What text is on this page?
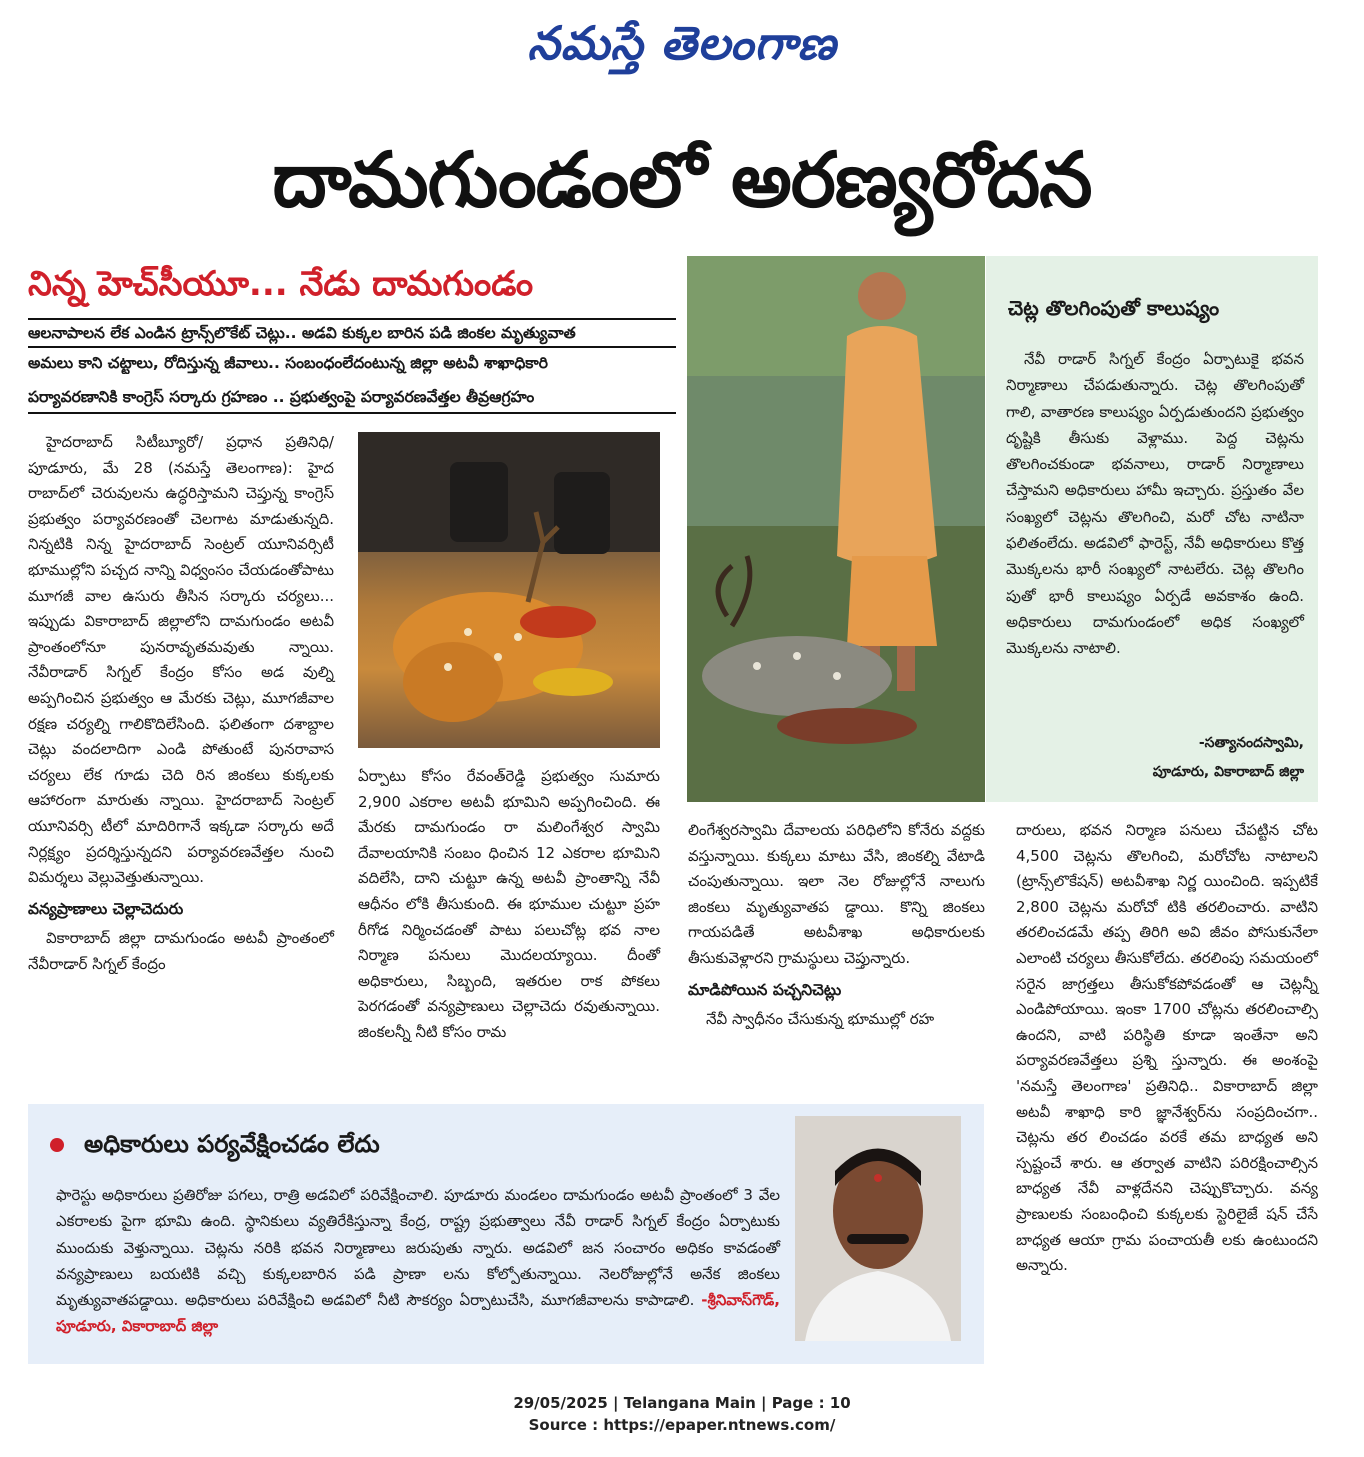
నమస్తే తెలంగాణ
దామగుండంలో అరణ్యరోదన
నిన్న హెచ్‌సీయూ... నేడు దామగుండం
ఆలనాపాలన లేక ఎండిన ట్రాన్స్‌లొకేట్ చెట్లు.. అడవి కుక్కల బారిన పడి జింకల మృత్యువాత
అమలు కాని చట్టాలు, రోదిస్తున్న జీవాలు.. సంబంధంలేదంటున్న జిల్లా అటవీ శాఖాధికారి
పర్యావరణానికి కాంగ్రెస్ సర్కారు గ్రహణం .. ప్రభుత్వంపై పర్యావరణవేత్తల తీవ్రఆగ్రహం

హైదరాబాద్ సిటీబ్యూరో/ ప్రధాన ప్రతినిధి/ పూడూరు, మే 28 (నమస్తే తెలంగాణ): హైద రాబాద్‌లో చెరువులను ఉద్ధరిస్తామని చెప్తున్న కాంగ్రెస్ ప్రభుత్వం పర్యావరణంతో చెలగాట మాడుతున్నది. నిన్నటికి నిన్న హైదరాబాద్ సెంట్రల్ యూనివర్సిటీ భూముల్లోని పచ్చద నాన్ని విధ్వంసం చేయడంతోపాటు మూగజీ వాల ఉసురు తీసిన సర్కారు చర్యలు... ఇప్పుడు వికారాబాద్ జిల్లాలోని దామగుండం అటవీ ప్రాంతంలోనూ పునరావృతమవుతు న్నాయి. నేవీరాడార్ సిగ్నల్ కేంద్రం కోసం అడ వుల్ని అప్పగించిన ప్రభుత్వం ఆ మేరకు చెట్లు, మూగజీవాల రక్షణ చర్యల్ని గాలికొదిలేసింది. ఫలితంగా దశాబ్దాల చెట్లు వందలాదిగా ఎండి పోతుంటే పునరావాస చర్యలు లేక గూడు చెది రిన జింకలు కుక్కలకు ఆహారంగా మారుతు న్నాయి. హైదరాబాద్ సెంట్రల్ యూనివర్సి టీలో మాదిరిగానే ఇక్కడా సర్కారు అదే నిర్లక్ష్యం ప్రదర్శిస్తున్నదని పర్యావరణవేత్తల నుంచి విమర్శలు వెల్లువెత్తుతున్నాయి.

వన్యప్రాణాలు చెల్లాచెదురు

వికారాబాద్ జిల్లా దామగుండం అటవీ ప్రాంతంలో నేవీరాడార్ సిగ్నల్ కేంద్రం

ఏర్పాటు కోసం రేవంత్‌రెడ్డి ప్రభుత్వం సుమారు 2,900 ఎకరాల అటవీ భూమిని అప్పగించింది. ఈ మేరకు దామగుండం రా మలింగేశ్వర స్వామి దేవాలయానికి సంబం ధించిన 12 ఎకరాల భూమిని వదిలేసి, దాని చుట్టూ ఉన్న అటవీ ప్రాంతాన్ని నేవీ ఆధీనం లోకి తీసుకుంది. ఈ భూముల చుట్టూ ప్రహ రీగోడ నిర్మించడంతో పాటు పలుచోట్ల భవ నాల నిర్మాణ పనులు మొదలయ్యాయి. దీంతో అధికారులు, సిబ్బంది, ఇతరుల రాక పోకలు పెరగడంతో వన్యప్రాణులు చెల్లాచెదు రవుతున్నాయి. జింకలన్నీ నీటి కోసం రామ

లింగేశ్వరస్వామి దేవాలయ పరిధిలోని కోనేరు వద్దకు వస్తున్నాయి. కుక్కలు మాటు వేసి, జింకల్ని వేటాడి చంపుతున్నాయి. ఇలా నెల రోజుల్లోనే నాలుగు జింకలు మృత్యువాతప డ్డాయి. కొన్ని జింకలు గాయపడితే అటవీశాఖ అధికారులకు తీసుకువెళ్లారని గ్రామస్థులు చెప్తున్నారు.

మాడిపోయిన పచ్చనిచెట్లు

నేవీ స్వాధీనం చేసుకున్న భూముల్లో రహ

చెట్ల తొలగింపుతో కాలుష్యం

నేవీ రాడార్ సిగ్నల్ కేంద్రం ఏర్పాటుకై భవన నిర్మాణాలు చేపడుతున్నారు. చెట్ల తొలగింపుతో గాలి, వాతారణ కాలుష్యం ఏర్పడుతుందని ప్రభుత్వం దృష్టికి తీసుకు వెళ్లాము. పెద్ద చెట్లను తొలగించకుండా భవనాలు, రాడార్ నిర్మాణాలు చేస్తామని అధికారులు హామీ ఇచ్చారు. ప్రస్తుతం వేల సంఖ్యలో చెట్లను తొలగించి, మరో చోట నాటినా ఫలితంలేదు. అడవిలో ఫారెస్ట్, నేవీ అధికారులు కొత్త మొక్కలను భారీ సంఖ్యలో నాటలేరు. చెట్ల తొలగిం పుతో భారీ కాలుష్యం ఏర్పడే అవకాశం ఉంది. అధికారులు దామగుండంలో అధిక సంఖ్యలో మొక్కలను నాటాలి.

-సత్యానందస్వామి,
పూడూరు, వికారాబాద్ జిల్లా

దారులు, భవన నిర్మాణ పనులు చేపట్టిన చోట 4,500 చెట్లను తొలగించి, మరోచోట నాటాలని (ట్రాన్స్‌లొకేషన్) అటవీశాఖ నిర్ణ యించింది. ఇప్పటికే 2,800 చెట్లను మరోచో టికి తరలించారు. వాటిని తరలించడమే తప్ప తిరిగి అవి జీవం పోసుకునేలా ఎలాంటి చర్యలు తీసుకోలేదు. తరలింపు సమయంలో సరైన జాగ్రత్తలు తీసుకోకపోవడంతో ఆ చెట్లన్నీ ఎండిపోయాయి. ఇంకా 1700 చోట్లను తరలించాల్సి ఉందని, వాటి పరిస్థితి కూడా ఇంతేనా అని పర్యావరణవేత్తలు ప్రశ్ని స్తున్నారు. ఈ అంశంపై 'నమస్తే తెలంగాణ' ప్రతినిధి.. వికారాబాద్ జిల్లా అటవీ శాఖాధి కారి జ్ఞానేశ్వర్‌ను సంప్రదించగా.. చెట్లను తర లించడం వరకే తమ బాధ్యత అని స్పష్టంచే శారు. ఆ తర్వాత వాటిని పరిరక్షించాల్సిన బాధ్యత నేవీ వాళ్లదేనని చెప్పుకొచ్చారు. వన్య ప్రాణులకు సంబంధించి కుక్కలకు స్టెరిలైజే షన్ చేసే బాధ్యత ఆయా గ్రామ పంచాయతీ లకు ఉంటుందని అన్నారు.

అధికారులు పర్యవేక్షించడం లేదు
ఫారెస్టు అధికారులు ప్రతిరోజు పగలు, రాత్రి అడవిలో పరివేక్షించాలి. పూడూరు మండలం దామగుండం అటవీ ప్రాంతంలో 3 వేల ఎకరాలకు పైగా భూమి ఉంది. స్థానికులు వ్యతిరేకిస్తున్నా కేంద్ర, రాష్ట్ర ప్రభుత్వాలు నేవీ రాడార్ సిగ్నల్ కేంద్రం ఏర్పాటుకు ముందుకు వెళ్తున్నాయి. చెట్లను నరికి భవన నిర్మాణాలు జరుపుతు న్నారు. అడవిలో జన సంచారం అధికం కావడంతో వన్యప్రాణులు బయటికి వచ్చి కుక్కలబారిన పడి ప్రాణా లను కోల్పోతున్నాయి. నెలరోజుల్లోనే అనేక జింకలు మృత్యువాతపడ్డాయి. అధికారులు పరివేక్షించి అడవిలో నీటి సౌకర్యం ఏర్పాటుచేసి, మూగజీవాలను కాపాడాలి. -శ్రీనివాస్‌గౌడ్, పూడూరు, వికారాబాద్ జిల్లా
29/05/2025 | Telangana Main | Page : 10
Source : https://epaper.ntnews.com/
